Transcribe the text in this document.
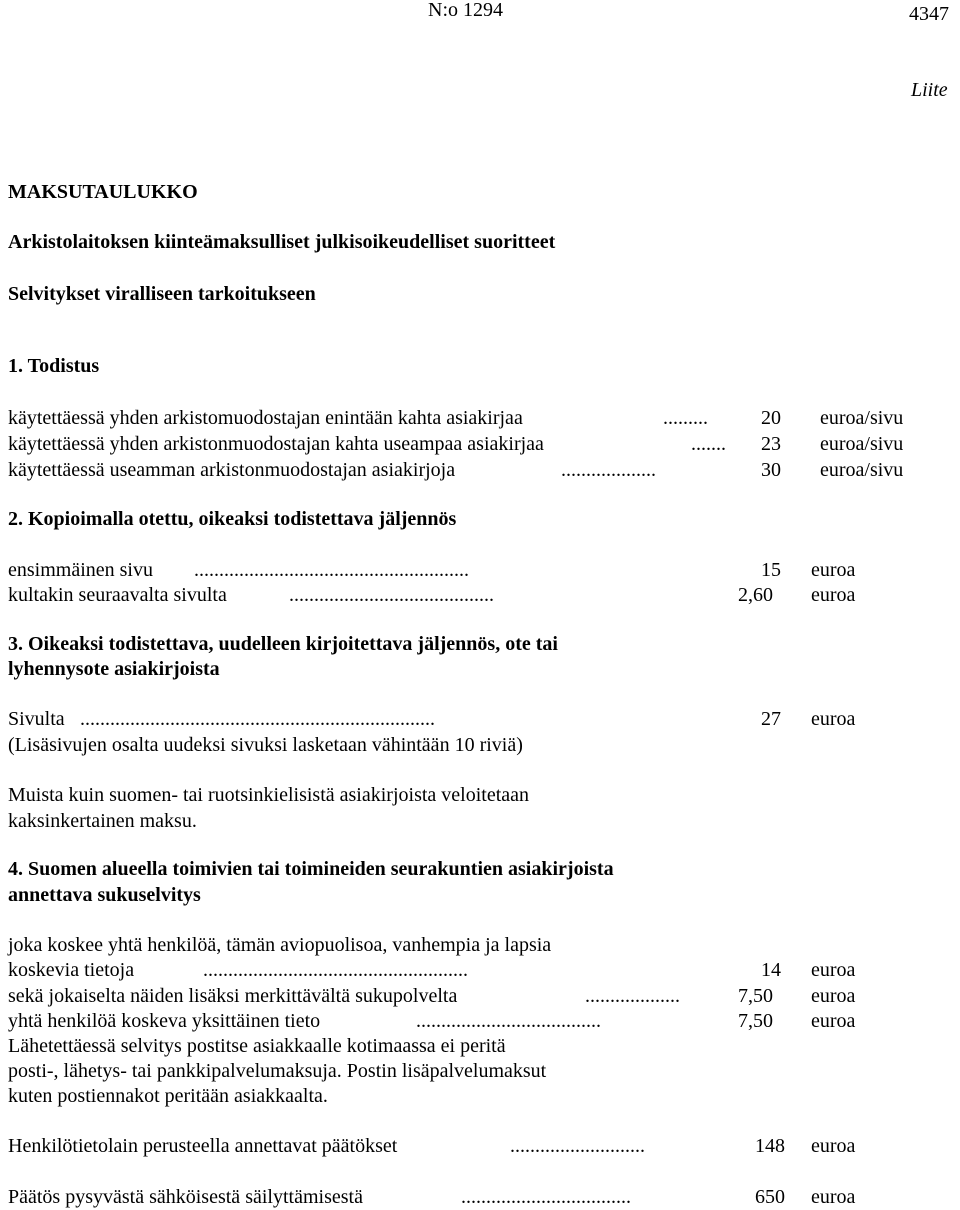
N:o 1294	4347
Liite
MAKSUTAULUKKO
Arkistolaitoksen kiinteämaksulliset julkisoikeudelliset suoritteet
Selvitykset viralliseen tarkoitukseen
1. Todistus
käytettäessä yhden arkistomuodostajan enintään kahta asiakirjaa	.........	20 euroa/sivu
käytettäessä yhden arkistonmuodostajan kahta useampaa asiakirjaa	....... 23 euroa/sivu
käytettäessä useamman arkistonmuodostajan asiakirjoja	...................	30 euroa/sivu
2. Kopioimalla otettu, oikeaksi todistettava jäljennös
ensimmäinen sivu .......................................................	15 euroa
kultakin seuraavalta sivulta	.........................................	2,60 euroa
3. Oikeaksi todistettava, uudelleen kirjoitettava jäljennös, ote tai
lyhennysote asiakirjoista
Sivulta .......................................................................	27 euroa
(Lisäsivujen osalta uudeksi sivuksi lasketaan vähintään 10 riviä)
Muista kuin suomen- tai ruotsinkielisistä asiakirjoista veloitetaan
kaksinkertainen maksu.
4. Suomen alueella toimivien tai toimineiden seurakuntien asiakirjoista
annettava sukuselvitys
joka koskee yhtä henkilöä, tämän aviopuolisoa, vanhempia ja lapsia
koskevia tietoja	.....................................................	14 euroa
sekä jokaiselta näiden lisäksi merkittävältä sukupolvelta	...................	7,50 euroa
yhtä henkilöä koskeva yksittäinen tieto	.....................................	7,50 euroa
Lähetettäessä selvitys postitse asiakkaalle kotimaassa ei peritä
posti-, lähetys- tai pankkipalvelumaksuja. Postin lisäpalvelumaksut
kuten postiennakot peritään asiakkaalta.
Henkilötietolain perusteella annettavat päätökset	...........................	148 euroa
Päätös pysyvästä sähköisestä säilyttämisestä	..................................	650 euroa
